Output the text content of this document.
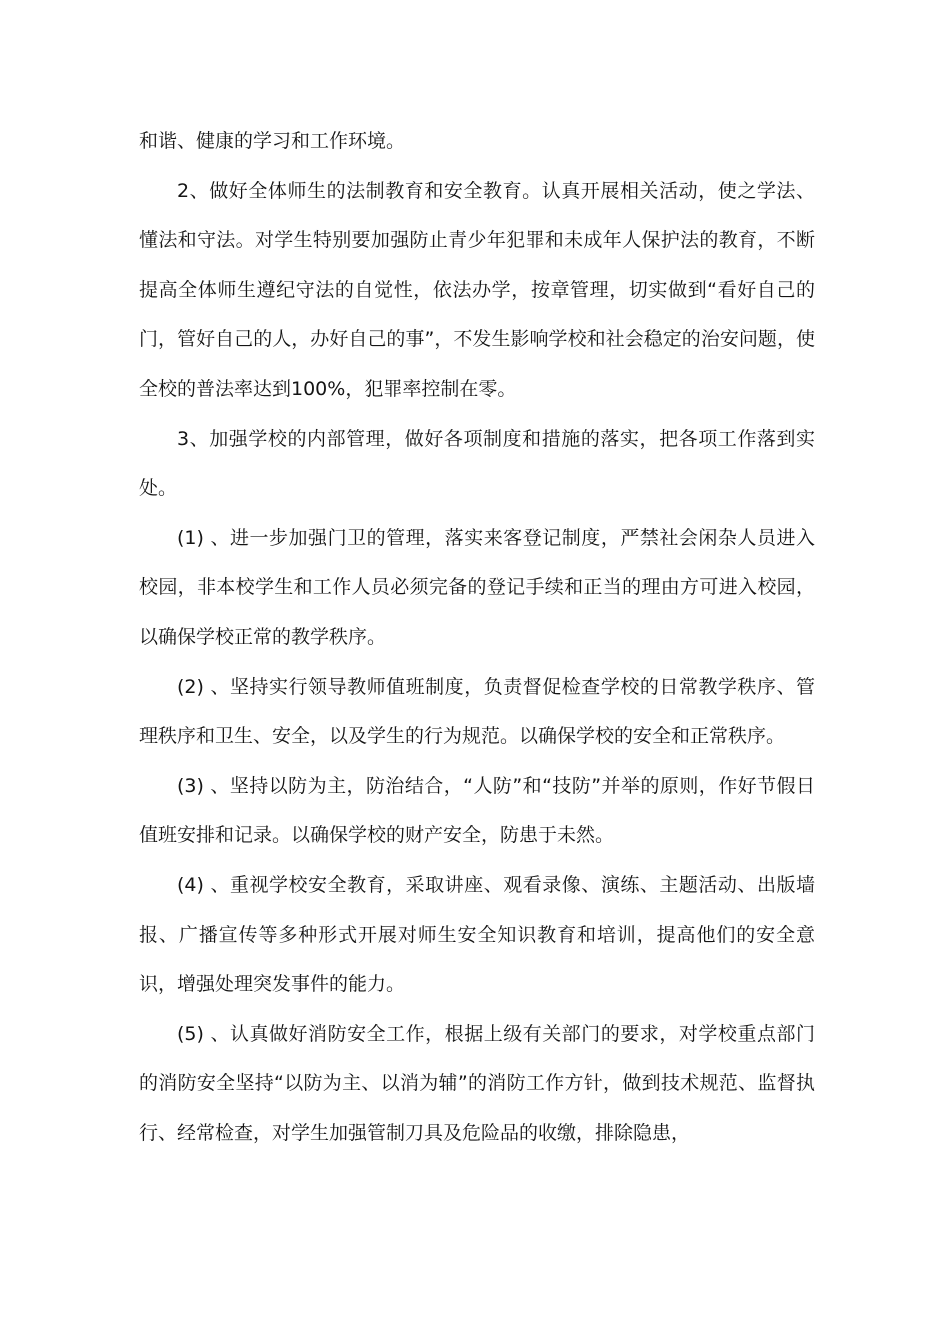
和谐、健康的学习和工作环境。

2、做好全体师生的法制教育和安全教育。认真开展相关活动，使之学法、懂法和守法。对学生特别要加强防止青少年犯罪和未成年人保护法的教育，不断提高全体师生遵纪守法的自觉性，依法办学，按章管理，切实做到“看好自己的门，管好自己的人，办好自己的事”，不发生影响学校和社会稳定的治安问题，使全校的普法率达到100%，犯罪率控制在零。

3、加强学校的内部管理，做好各项制度和措施的落实，把各项工作落到实处。

(1) 、进一步加强门卫的管理，落实来客登记制度，严禁社会闲杂人员进入校园，非本校学生和工作人员必须完备的登记手续和正当的理由方可进入校园，以确保学校正常的教学秩序。

(2) 、坚持实行领导教师值班制度，负责督促检查学校的日常教学秩序、管理秩序和卫生、安全，以及学生的行为规范。以确保学校的安全和正常秩序。

(3) 、坚持以防为主，防治结合，“人防”和“技防”并举的原则，作好节假日值班安排和记录。以确保学校的财产安全，防患于未然。

(4) 、重视学校安全教育，采取讲座、观看录像、演练、主题活动、出版墙报、广播宣传等多种形式开展对师生安全知识教育和培训，提高他们的安全意识，增强处理突发事件的能力。

(5) 、认真做好消防安全工作，根据上级有关部门的要求，对学校重点部门的消防安全坚持“以防为主、以消为辅”的消防工作方针，做到技术规范、监督执行、经常检查，对学生加强管制刀具及危险品的收缴，排除隐患，
